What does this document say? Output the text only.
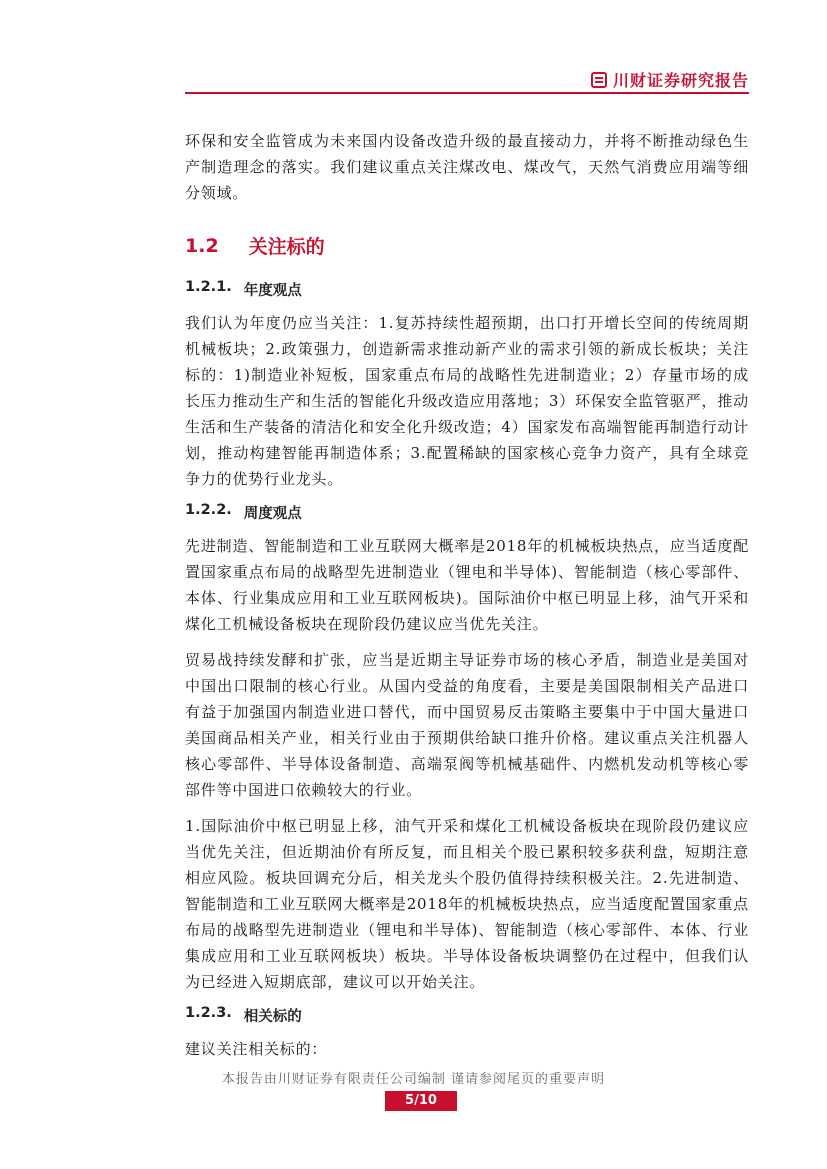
川财证券研究报告

环保和安全监管成为未来国内设备改造升级的最直接动力，并将不断推动绿色生产制造理念的落实。我们建议重点关注煤改电、煤改气，天然气消费应用端等细分领域。

1.2 关注标的
1.2.1. 年度观点

我们认为年度仍应当关注：1.复苏持续性超预期，出口打开增长空间的传统周期机械板块；2.政策强力，创造新需求推动新产业的需求引领的新成长板块；关注标的：1)制造业补短板，国家重点布局的战略性先进制造业；2）存量市场的成长压力推动生产和生活的智能化升级改造应用落地；3）环保安全监管驱严，推动生活和生产装备的清洁化和安全化升级改造；4）国家发布高端智能再制造行动计划，推动构建智能再制造体系；3.配置稀缺的国家核心竞争力资产，具有全球竞争力的优势行业龙头。

1.2.2. 周度观点

先进制造、智能制造和工业互联网大概率是2018年的机械板块热点，应当适度配置国家重点布局的战略型先进制造业（锂电和半导体)、智能制造（核心零部件、本体、行业集成应用和工业互联网板块)。国际油价中枢已明显上移，油气开采和煤化工机械设备板块在现阶段仍建议应当优先关注。

贸易战持续发酵和扩张，应当是近期主导证券市场的核心矛盾，制造业是美国对中国出口限制的核心行业。从国内受益的角度看，主要是美国限制相关产品进口有益于加强国内制造业进口替代，而中国贸易反击策略主要集中于中国大量进口美国商品相关产业，相关行业由于预期供给缺口推升价格。建议重点关注机器人核心零部件、半导体设备制造、高端泵阀等机械基础件、内燃机发动机等核心零部件等中国进口依赖较大的行业。

1.国际油价中枢已明显上移，油气开采和煤化工机械设备板块在现阶段仍建议应当优先关注，但近期油价有所反复，而且相关个股已累积较多获利盘，短期注意相应风险。板块回调充分后，相关龙头个股仍值得持续积极关注。2.先进制造、智能制造和工业互联网大概率是2018年的机械板块热点，应当适度配置国家重点布局的战略型先进制造业（锂电和半导体)、智能制造（核心零部件、本体、行业集成应用和工业互联网板块）板块。半导体设备板块调整仍在过程中，但我们认为已经进入短期底部，建议可以开始关注。

1.2.3. 相关标的

建议关注相关标的：

本报告由川财证券有限责任公司编制 谨请参阅尾页的重要声明
5/10
